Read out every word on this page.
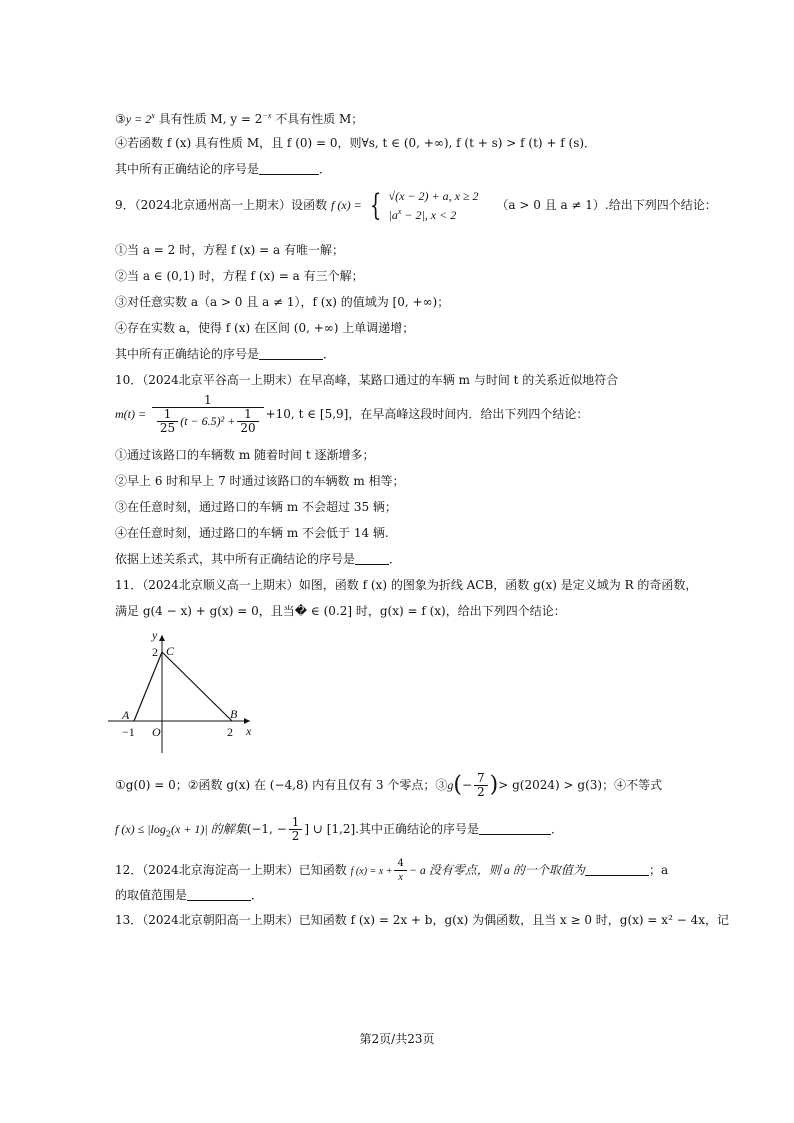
③y = $2^x$ 具有性质 M, $y = 2^{-x}$ 不具有性质 M；
④若函数 f (x) 具有性质 M，且 f (0) = 0，则∀s, t ∈ (0, +∞), f (t + s) > f (t) + f (s)．
其中所有正确结论的序号是	．
9．（2024北京通州高一上期末）设函数 f (x) = { √(x − 2) + a, x ≥ 2
$|a^x - 2|$, x < 2
（a > 0 且 a ≠ 1）.给出下列四个结论：
①当 a = 2 时，方程 f (x) = a 有唯一解；
②当 a ∈ (0,1) 时，方程 f (x) = a 有三个解；
③对任意实数 a（a > 0 且 a ≠ 1），f (x) 的值域为 [0, +∞)；
④存在实数 a，使得 f (x) 在区间 (0, +∞) 上单调递增；
其中所有正确结论的序号是	．
10．（2024北京平谷高一上期末）在早高峰，某路口通过的车辆 m 与时间 t 的关系近似地符合
$m(t) = \frac{1}{\frac{1}{25} (t - 6.5)^2 + \frac{1}{20}} +10$, t ∈ [5,9]，在早高峰这段时间内．给出下列四个结论：
①通过该路口的车辆数 m 随着时间 t 逐渐增多；
②早上 6 时和早上 7 时通过该路口的车辆数 m 相等；
③在任意时刻，通过路口的车辆 m 不会超过 35 辆；
④在任意时刻，通过路口的车辆 m 不会低于 14 辆.
依据上述关系式，其中所有正确结论的序号是	．
11．（2024北京顺义高一上期末）如图，函数 f (x) 的图象为折线 ACB，函数 g(x) 是定义域为 R 的奇函数，
满足 g(4 − x) + g(x) = 0，且当� ∈ (0.2] 时，g(x) = f (x)，给出下列四个结论：
y
x
2 C
A	B
−1 O	2
①g(0) = 0；②函数 g(x) 在 (−4,8) 内有且仅有 3 个零点；③g(− $\frac{7}{2}$ )> g(2024) > g(3)；④不等式
f $(x) \le |\log_2(x + 1)|$ 的解集(−1, − $\frac{1}{2}$ ] ∪ [1,2].其中正确结论的序号是	．
12．（2024北京海淀高一上期末）已知函数 f $(x) = x + \frac{4}{x} - a$ 没有零点，则 a 的一个取值为	；a
的取值范围是	．
13．（2024北京朝阳高一上期末）已知函数 f (x) = 2x + b，g(x) 为偶函数，且当 x ≥ 0 时，g(x) = x² − 4x，记
第2页/共23页
